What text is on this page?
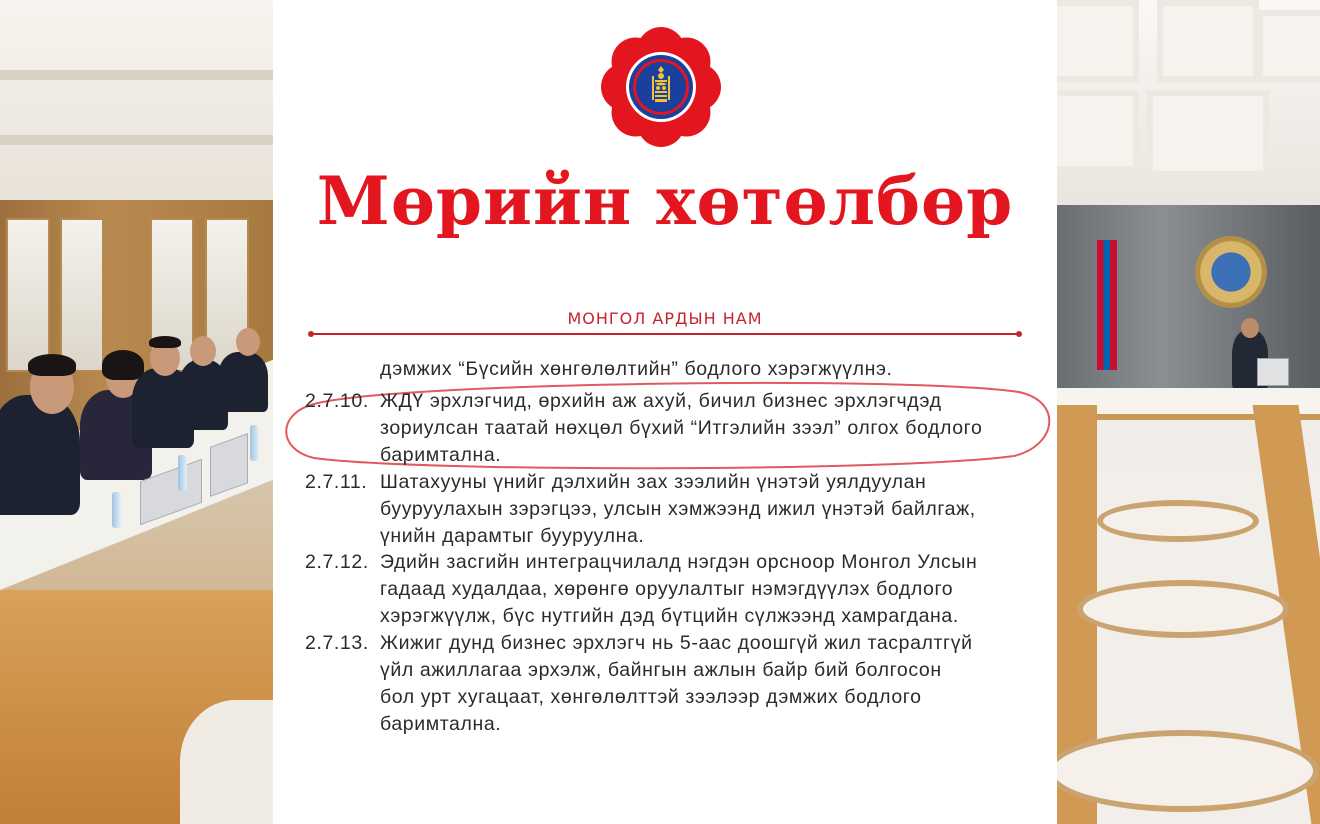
Мөрийн хөтөлбөр
МОНГОЛ АРДЫН НАМ
дэмжих “Бүсийн хөнгөлөлтийн” бодлого хэрэгжүүлнэ.
2.7.10. ЖДҮ эрхлэгчид, өрхийн аж ахуй, бичил бизнес эрхлэгчдэд
зориулсан таатай нөхцөл бүхий “Итгэлийн зээл” олгох бодлого
баримтална.
2.7.11. Шатахууны үнийг дэлхийн зах зээлийн үнэтэй уялдуулан
бууруулахын зэрэгцээ, улсын хэмжээнд ижил үнэтэй байлгаж,
үнийн дарамтыг бууруулна.
2.7.12. Эдийн засгийн интеграцчилалд нэгдэн орсноор Монгол Улсын
гадаад худалдаа, хөрөнгө оруулалтыг нэмэгдүүлэх бодлого
хэрэгжүүлж, бүс нутгийн дэд бүтцийн сүлжээнд хамрагдана.
2.7.13. Жижиг дунд бизнес эрхлэгч нь 5-аас доошгүй жил тасралтгүй
үйл ажиллагаа эрхэлж, байнгын ажлын байр бий болгосон
бол урт хугацаат, хөнгөлөлттэй зээлээр дэмжих бодлого
баримтална.
